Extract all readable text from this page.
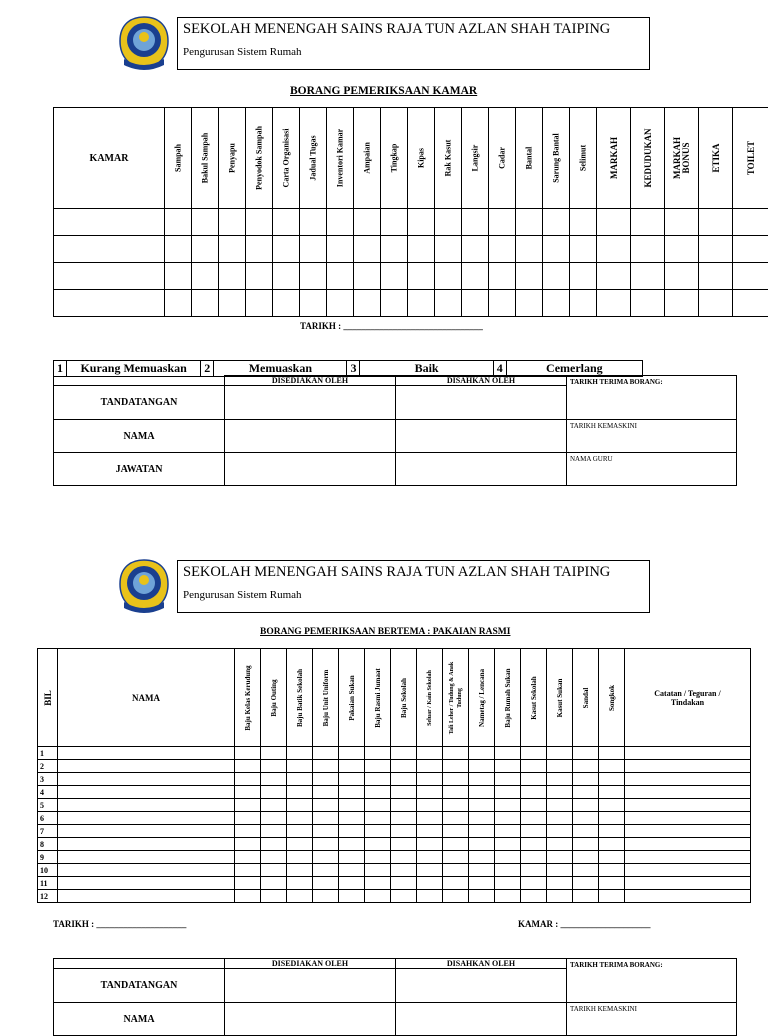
SEKOLAH MENENGAH SAINS RAJA TUN AZLAN SHAH TAIPING
Pengurusan Sistem Rumah
BORANG PEMERIKSAAN KAMAR
KAMAR	Sampah	Bakul Sampah	Penyapu	Penyodok Sampah	Carta Organisasi	Jadual Tugas	Inventori Kamar	Ampaian	Tingkap	Kipas	Rak Kasut	Langsir	Cadar	Bantal	Sarung Bantal	Selimut	MARKAH	KEDUDUKAN	MARKAH BONUS	ETIKA	TOILET

TARIKH : _______________________________
1	Kurang Memuaskan	2	Memuaskan	3	Baik	4	Cemerlang
	DISEDIAKAN OLEH	DISAHKAN OLEH	TARIKH TERIMA BORANG:
TANDATANGAN			
NAMA			TARIKH KEMASKINI
JAWATAN			NAMA GURU
SEKOLAH MENENGAH SAINS RAJA TUN AZLAN SHAH TAIPING
Pengurusan Sistem Rumah
BORANG PEMERIKSAAN BERTEMA : PAKAIAN RASMI
BIL	NAMA	Baju Kelas Kerudung	Baju Outing	Baju Batik Sekolah	Baju Unit Uniform	Pakaian Sukan	Baju Rasmi Jumaat	Baju Sekolah	Seluar / Kain Sekolah	Tali Leher / Tudung & Anak Tudung	Nametag / Lencana	Baju Rumah Sukan	Kasut Sekolah	Kasut Sukan	Sandal	Songkok	Catatan / Teguran / Tindakan
1																	
2																	
3																	
4																	
5																	
6																	
7																	
8																	
9																	
10																	
11																	
12																	
TARIKH : ____________________	KAMAR : ____________________
	DISEDIAKAN OLEH	DISAHKAN OLEH	TARIKH TERIMA BORANG:
TANDATANGAN			
NAMA			TARIKH KEMASKINI
